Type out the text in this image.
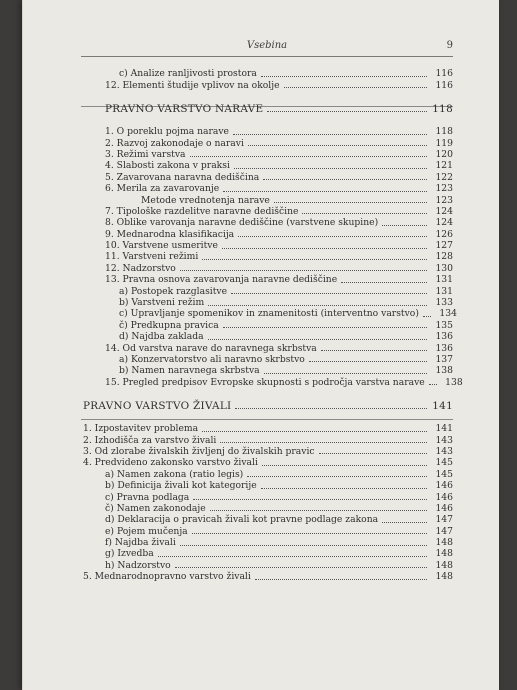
Vsebina	9
c) Analize ranljivosti prostora	116
12. Elementi študije vplivov na okolje	116
PRAVNO VARSTVO NARAVE	118
1. O poreklu pojma narave	118
2. Razvoj zakonodaje o naravi	119
3. Režimi varstva	120
4. Slabosti zakona v praksi	121
5. Zavarovana naravna dediščina	122
6. Merila za zavarovanje	123
Metode vrednotenja narave	123
7. Tipološke razdelitve naravne dediščine	124
8. Oblike varovanja naravne dediščine (varstvene skupine)	124
9. Mednarodna klasifikacija	126
10. Varstvene usmeritve	127
11. Varstveni režimi	128
12. Nadzorstvo	130
13. Pravna osnova zavarovanja naravne dediščine	131
a) Postopek razglasitve	131
b) Varstveni režim	133
c) Upravljanje spomenikov in znamenitosti (interventno varstvo)	134
č) Predkupna pravica	135
d) Najdba zaklada	136
14. Od varstva narave do naravnega skrbstva	136
a) Konzervatorstvo ali naravno skrbstvo	137
b) Namen naravnega skrbstva	138
15. Pregled predpisov Evropske skupnosti s področja varstva narave	138
PRAVNO VARSTVO ŽIVALI	141
1. Izpostavitev problema	141
2. Izhodišča za varstvo živali	143
3. Od zlorabe živalskih življenj do živalskih pravic	143
4. Predvideno zakonsko varstvo živali	145
a) Namen zakona (ratio legis)	145
b) Definicija živali kot kategorije	146
c) Pravna podlaga	146
č) Namen zakonodaje	146
d) Deklaracija o pravicah živali kot pravne podlage zakona	147
e) Pojem mučenja	147
f) Najdba živali	148
g) Izvedba	148
h) Nadzorstvo	148
5. Mednarodnopravno varstvo živali	148
